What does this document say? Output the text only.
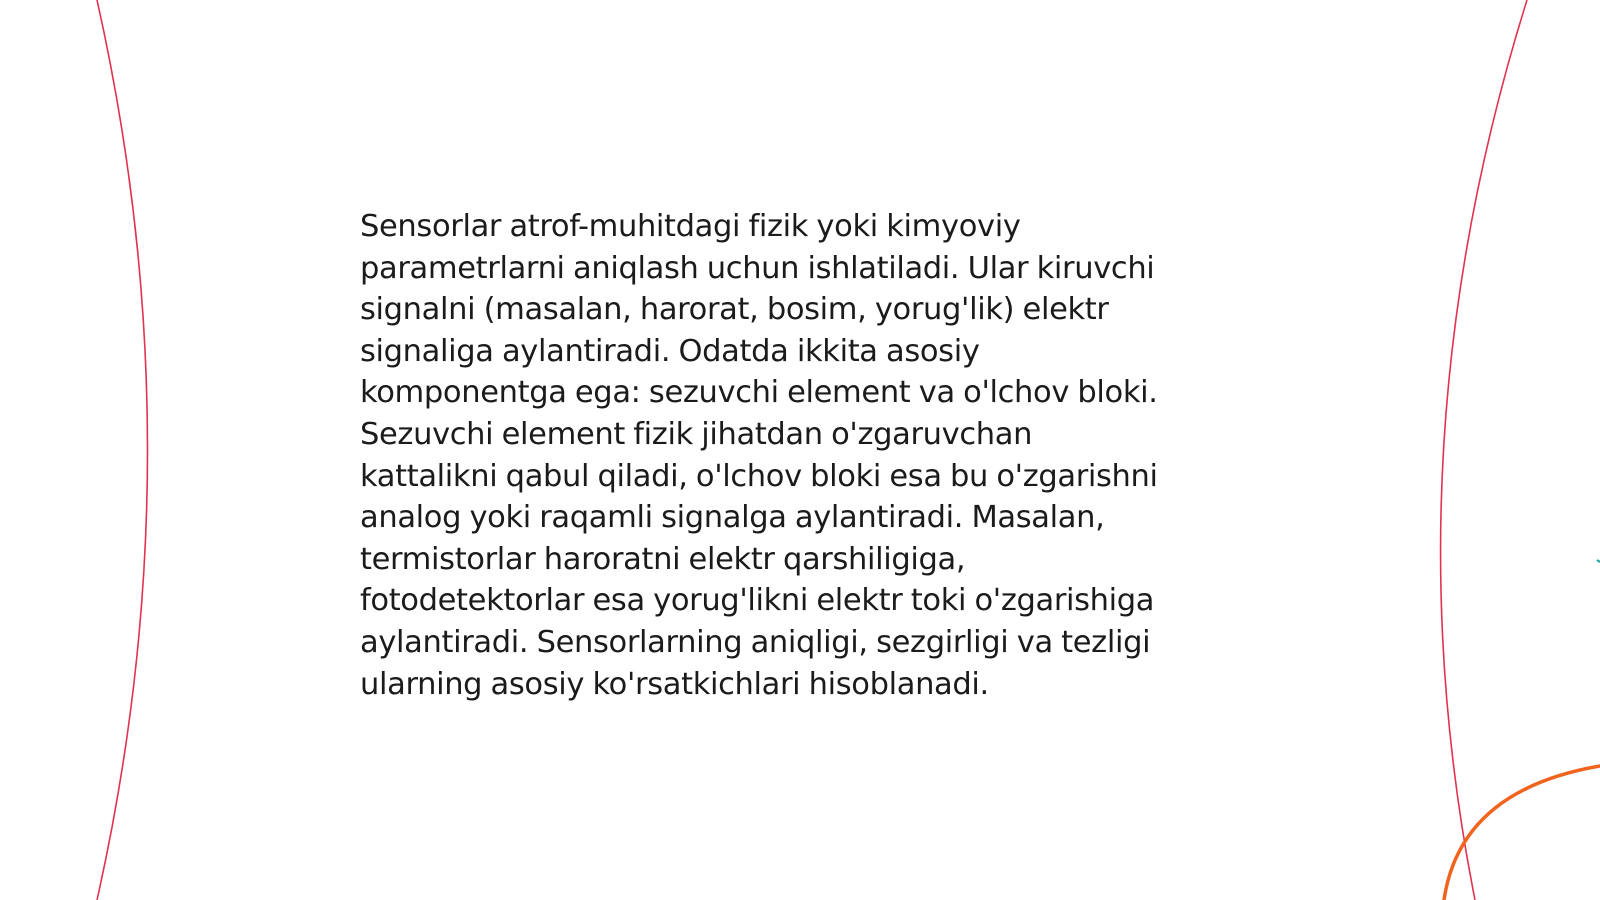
Sensorlar atrof-muhitdagi fizik yoki kimyoviy
parametrlarni aniqlash uchun ishlatiladi. Ular kiruvchi
signalni (masalan, harorat, bosim, yorug'lik) elektr
signaliga aylantiradi. Odatda ikkita asosiy
komponentga ega: sezuvchi element va o'lchov bloki.
Sezuvchi element fizik jihatdan o'zgaruvchan
kattalikni qabul qiladi, o'lchov bloki esa bu o'zgarishni
analog yoki raqamli signalga aylantiradi. Masalan,
termistorlar haroratni elektr qarshiligiga,
fotodetektorlar esa yorug'likni elektr toki o'zgarishiga
aylantiradi. Sensorlarning aniqligi, sezgirligi va tezligi
ularning asosiy ko'rsatkichlari hisoblanadi.
